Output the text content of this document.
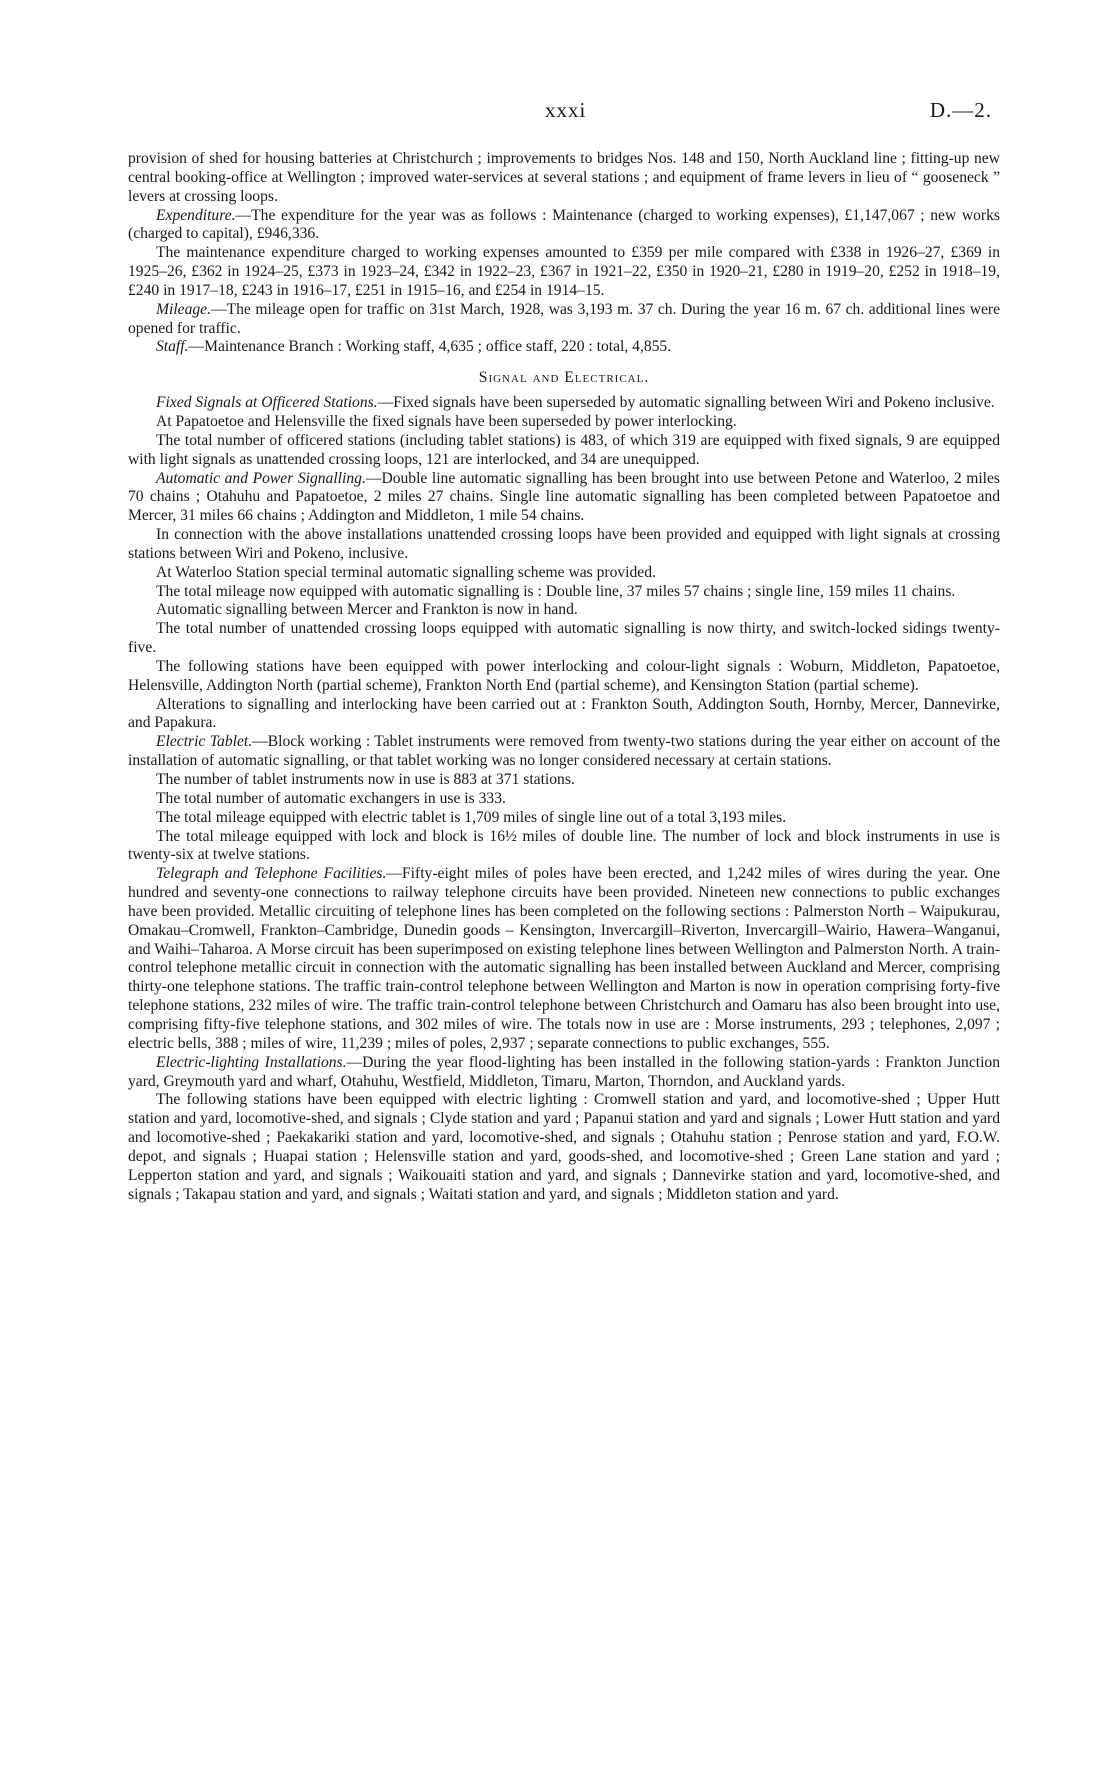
xxxi	D.—2.

provision of shed for housing batteries at Christchurch ; improvements to bridges Nos. 148 and 150, North Auckland line ; fitting-up new central booking-office at Wellington ; improved water-services at several stations ; and equipment of frame levers in lieu of “ gooseneck ” levers at crossing loops.

Expenditure.—The expenditure for the year was as follows : Maintenance (charged to working expenses), £1,147,067 ; new works (charged to capital), £946,336.

The maintenance expenditure charged to working expenses amounted to £359 per mile compared with £338 in 1926–27, £369 in 1925–26, £362 in 1924–25, £373 in 1923–24, £342 in 1922–23, £367 in 1921–22, £350 in 1920–21, £280 in 1919–20, £252 in 1918–19, £240 in 1917–18, £243 in 1916–17, £251 in 1915–16, and £254 in 1914–15.

Mileage.—The mileage open for traffic on 31st March, 1928, was 3,193 m. 37 ch. During the year 16 m. 67 ch. additional lines were opened for traffic.

Staff.—Maintenance Branch : Working staff, 4,635 ; office staff, 220 : total, 4,855.

Signal and Electrical.

Fixed Signals at Officered Stations.—Fixed signals have been superseded by automatic signalling between Wiri and Pokeno inclusive.

At Papatoetoe and Helensville the fixed signals have been superseded by power interlocking.

The total number of officered stations (including tablet stations) is 483, of which 319 are equipped with fixed signals, 9 are equipped with light signals as unattended crossing loops, 121 are interlocked, and 34 are unequipped.

Automatic and Power Signalling.—Double line automatic signalling has been brought into use between Petone and Waterloo, 2 miles 70 chains ; Otahuhu and Papatoetoe, 2 miles 27 chains. Single line automatic signalling has been completed between Papatoetoe and Mercer, 31 miles 66 chains ; Addington and Middleton, 1 mile 54 chains.

In connection with the above installations unattended crossing loops have been provided and equipped with light signals at crossing stations between Wiri and Pokeno, inclusive.

At Waterloo Station special terminal automatic signalling scheme was provided.

The total mileage now equipped with automatic signalling is : Double line, 37 miles 57 chains ; single line, 159 miles 11 chains.

Automatic signalling between Mercer and Frankton is now in hand.

The total number of unattended crossing loops equipped with automatic signalling is now thirty, and switch-locked sidings twenty-five.

The following stations have been equipped with power interlocking and colour-light signals : Woburn, Middleton, Papatoetoe, Helensville, Addington North (partial scheme), Frankton North End (partial scheme), and Kensington Station (partial scheme).

Alterations to signalling and interlocking have been carried out at : Frankton South, Addington South, Hornby, Mercer, Dannevirke, and Papakura.

Electric Tablet.—Block working : Tablet instruments were removed from twenty-two stations during the year either on account of the installation of automatic signalling, or that tablet working was no longer considered necessary at certain stations.

The number of tablet instruments now in use is 883 at 371 stations.

The total number of automatic exchangers in use is 333.

The total mileage equipped with electric tablet is 1,709 miles of single line out of a total 3,193 miles.

The total mileage equipped with lock and block is 16½ miles of double line. The number of lock and block instruments in use is twenty-six at twelve stations.

Telegraph and Telephone Facilities.—Fifty-eight miles of poles have been erected, and 1,242 miles of wires during the year. One hundred and seventy-one connections to railway telephone circuits have been provided. Nineteen new connections to public exchanges have been provided. Metallic circuiting of telephone lines has been completed on the following sections : Palmerston North – Waipukurau, Omakau–Cromwell, Frankton–Cambridge, Dunedin goods – Kensington, Invercargill–Riverton, Invercargill–Wairio, Hawera–Wanganui, and Waihi–Taharoa. A Morse circuit has been superimposed on existing telephone lines between Wellington and Palmerston North. A train-control telephone metallic circuit in connection with the automatic signalling has been installed between Auckland and Mercer, comprising thirty-one telephone stations. The traffic train-control telephone between Wellington and Marton is now in operation comprising forty-five telephone stations, 232 miles of wire. The traffic train-control telephone between Christchurch and Oamaru has also been brought into use, comprising fifty-five telephone stations, and 302 miles of wire. The totals now in use are : Morse instruments, 293 ; telephones, 2,097 ; electric bells, 388 ; miles of wire, 11,239 ; miles of poles, 2,937 ; separate connections to public exchanges, 555.

Electric-lighting Installations.—During the year flood-lighting has been installed in the following station-yards : Frankton Junction yard, Greymouth yard and wharf, Otahuhu, Westfield, Middleton, Timaru, Marton, Thorndon, and Auckland yards.

The following stations have been equipped with electric lighting : Cromwell station and yard, and locomotive-shed ; Upper Hutt station and yard, locomotive-shed, and signals ; Clyde station and yard ; Papanui station and yard and signals ; Lower Hutt station and yard and locomotive-shed ; Paekakariki station and yard, locomotive-shed, and signals ; Otahuhu station ; Penrose station and yard, F.O.W. depot, and signals ; Huapai station ; Helensville station and yard, goods-shed, and locomotive-shed ; Green Lane station and yard ; Lepperton station and yard, and signals ; Waikouaiti station and yard, and signals ; Dannevirke station and yard, locomotive-shed, and signals ; Takapau station and yard, and signals ; Waitati station and yard, and signals ; Middleton station and yard.
